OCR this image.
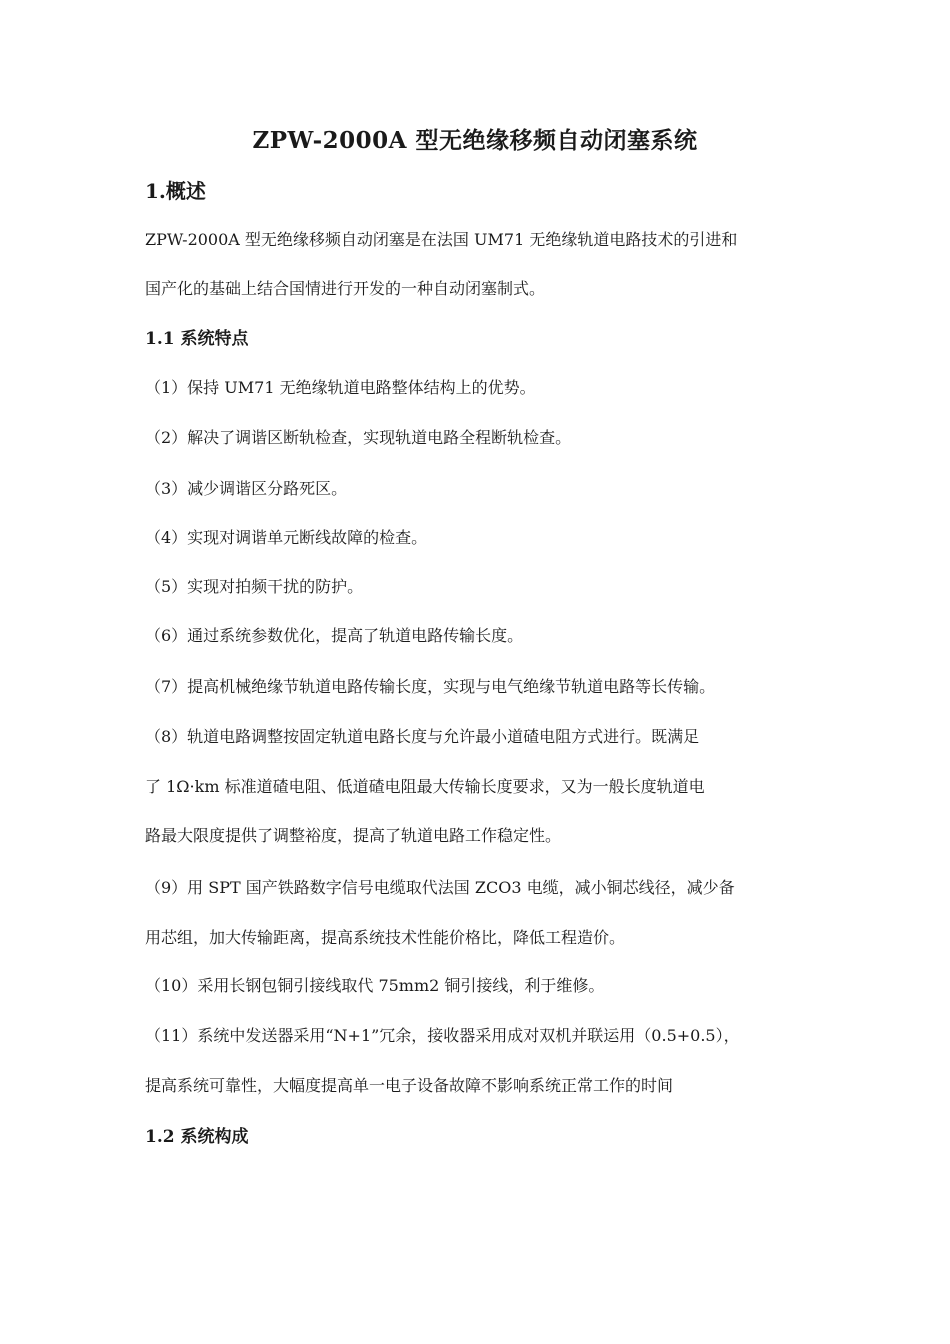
ZPW-2000A 型无绝缘移频自动闭塞系统
1.概述
ZPW-2000A 型无绝缘移频自动闭塞是在法国 UM71 无绝缘轨道电路技术的引进和
国产化的基础上结合国情进行开发的一种自动闭塞制式。
1.1 系统特点
（1）保持 UM71 无绝缘轨道电路整体结构上的优势。
（2）解决了调谐区断轨检查，实现轨道电路全程断轨检查。
（3）减少调谐区分路死区。
（4）实现对调谐单元断线故障的检查。
（5）实现对拍频干扰的防护。
（6）通过系统参数优化，提高了轨道电路传输长度。
（7）提高机械绝缘节轨道电路传输长度，实现与电气绝缘节轨道电路等长传输。
（8）轨道电路调整按固定轨道电路长度与允许最小道碴电阻方式进行。既满足
了 1Ω·km 标准道碴电阻、低道碴电阻最大传输长度要求，又为一般长度轨道电
路最大限度提供了调整裕度，提高了轨道电路工作稳定性。
（9）用 SPT 国产铁路数字信号电缆取代法国 ZCO3 电缆，减小铜芯线径，减少备
用芯组，加大传输距离，提高系统技术性能价格比，降低工程造价。
（10）采用长钢包铜引接线取代 75mm2 铜引接线，利于维修。
（11）系统中发送器采用“N+1”冗余，接收器采用成对双机并联运用（0.5+0.5），
提高系统可靠性，大幅度提高单一电子设备故障不影响系统正常工作的时间
1.2 系统构成
